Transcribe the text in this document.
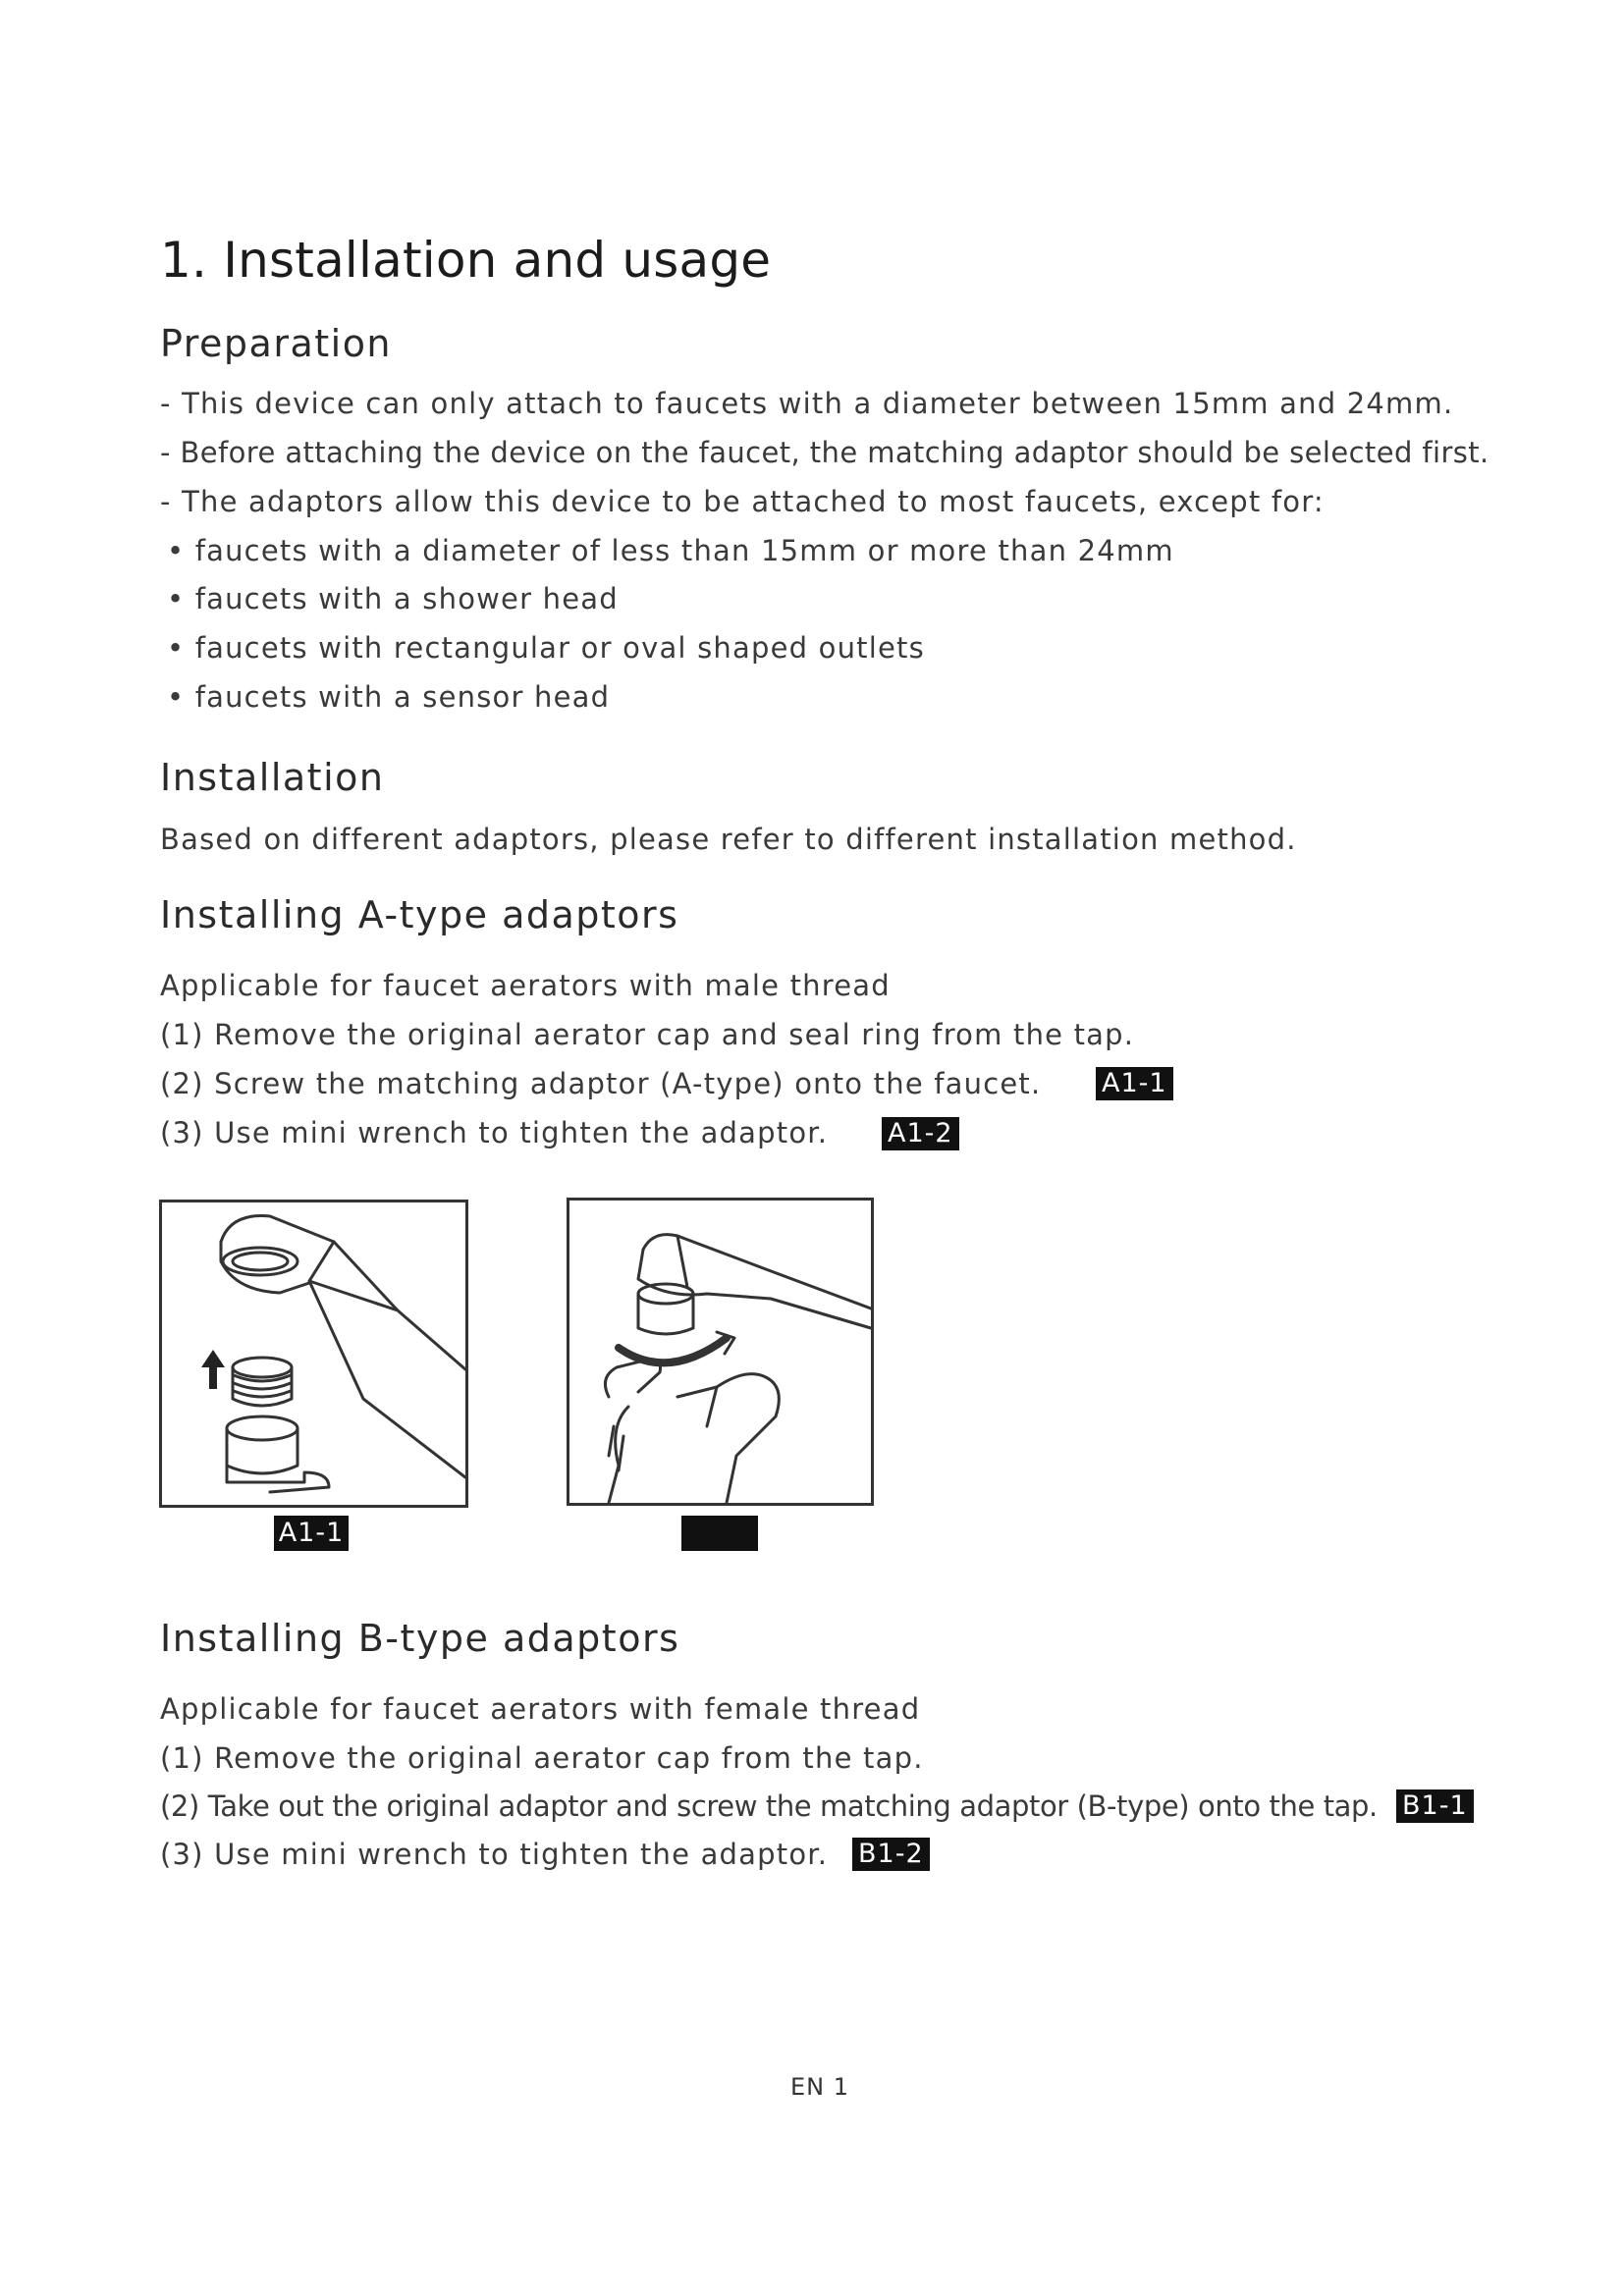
1. Installation and usage
Preparation
- This device can only attach to faucets with a diameter between 15mm and 24mm.
- Before attaching the device on the faucet, the matching adaptor should be selected first.
- The adaptors allow this device to be attached to most faucets, except for:
• faucets with a diameter of less than 15mm or more than 24mm
• faucets with a shower head
• faucets with rectangular or oval shaped outlets
• faucets with a sensor head
Installation
Based on different adaptors, please refer to different installation method.
Installing A-type adaptors
Applicable for faucet aerators with male thread
(1) Remove the original aerator cap and seal ring from the tap.
(2) Screw the matching adaptor (A-type) onto the faucet. A1-1
(3) Use mini wrench to tighten the adaptor. A1-2
A1-1
Installing B-type adaptors
Applicable for faucet aerators with female thread
(1) Remove the original aerator cap from the tap.
(2) Take out the original adaptor and screw the matching adaptor (B-type) onto the tap. B1-1
(3) Use mini wrench to tighten the adaptor. B1-2
EN 1
